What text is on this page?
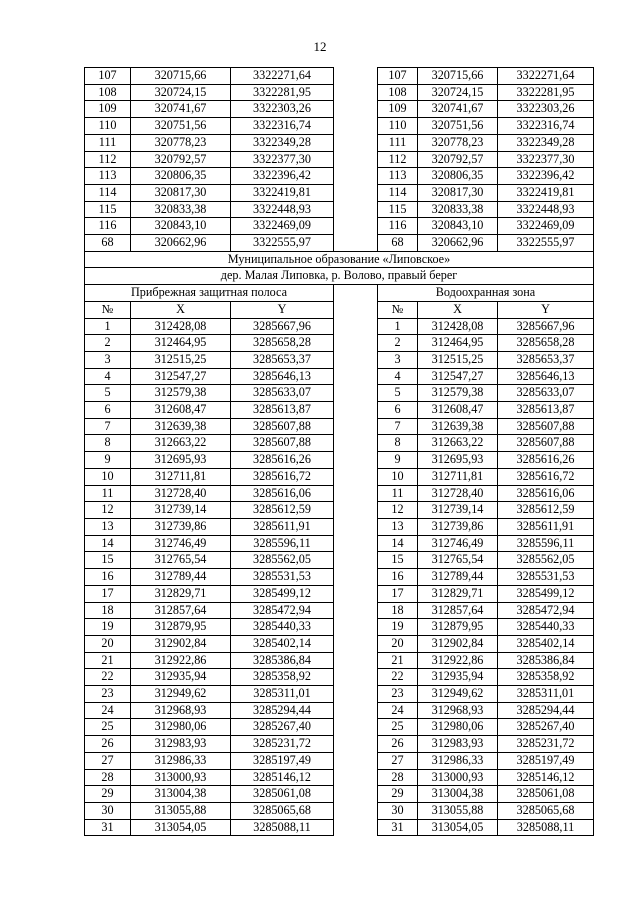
12
107	320715,66	3322271,64		107	320715,66	3322271,64
108	320724,15	3322281,95		108	320724,15	3322281,95
109	320741,67	3322303,26		109	320741,67	3322303,26
110	320751,56	3322316,74		110	320751,56	3322316,74
111	320778,23	3322349,28		111	320778,23	3322349,28
112	320792,57	3322377,30		112	320792,57	3322377,30
113	320806,35	3322396,42		113	320806,35	3322396,42
114	320817,30	3322419,81		114	320817,30	3322419,81
115	320833,38	3322448,93		115	320833,38	3322448,93
116	320843,10	3322469,09		116	320843,10	3322469,09
68	320662,96	3322555,97		68	320662,96	3322555,97
Муниципальное образование «Липовское»						
дер. Малая Липовка, р. Волово, правый берег						
Прибрежная защитная полоса				Водоохранная зона		
№	X	Y		№	X	Y
1	312428,08	3285667,96		1	312428,08	3285667,96
2	312464,95	3285658,28		2	312464,95	3285658,28
3	312515,25	3285653,37		3	312515,25	3285653,37
4	312547,27	3285646,13		4	312547,27	3285646,13
5	312579,38	3285633,07		5	312579,38	3285633,07
6	312608,47	3285613,87		6	312608,47	3285613,87
7	312639,38	3285607,88		7	312639,38	3285607,88
8	312663,22	3285607,88		8	312663,22	3285607,88
9	312695,93	3285616,26		9	312695,93	3285616,26
10	312711,81	3285616,72		10	312711,81	3285616,72
11	312728,40	3285616,06		11	312728,40	3285616,06
12	312739,14	3285612,59		12	312739,14	3285612,59
13	312739,86	3285611,91		13	312739,86	3285611,91
14	312746,49	3285596,11		14	312746,49	3285596,11
15	312765,54	3285562,05		15	312765,54	3285562,05
16	312789,44	3285531,53		16	312789,44	3285531,53
17	312829,71	3285499,12		17	312829,71	3285499,12
18	312857,64	3285472,94		18	312857,64	3285472,94
19	312879,95	3285440,33		19	312879,95	3285440,33
20	312902,84	3285402,14		20	312902,84	3285402,14
21	312922,86	3285386,84		21	312922,86	3285386,84
22	312935,94	3285358,92		22	312935,94	3285358,92
23	312949,62	3285311,01		23	312949,62	3285311,01
24	312968,93	3285294,44		24	312968,93	3285294,44
25	312980,06	3285267,40		25	312980,06	3285267,40
26	312983,93	3285231,72		26	312983,93	3285231,72
27	312986,33	3285197,49		27	312986,33	3285197,49
28	313000,93	3285146,12		28	313000,93	3285146,12
29	313004,38	3285061,08		29	313004,38	3285061,08
30	313055,88	3285065,68		30	313055,88	3285065,68
31	313054,05	3285088,11		31	313054,05	3285088,11
